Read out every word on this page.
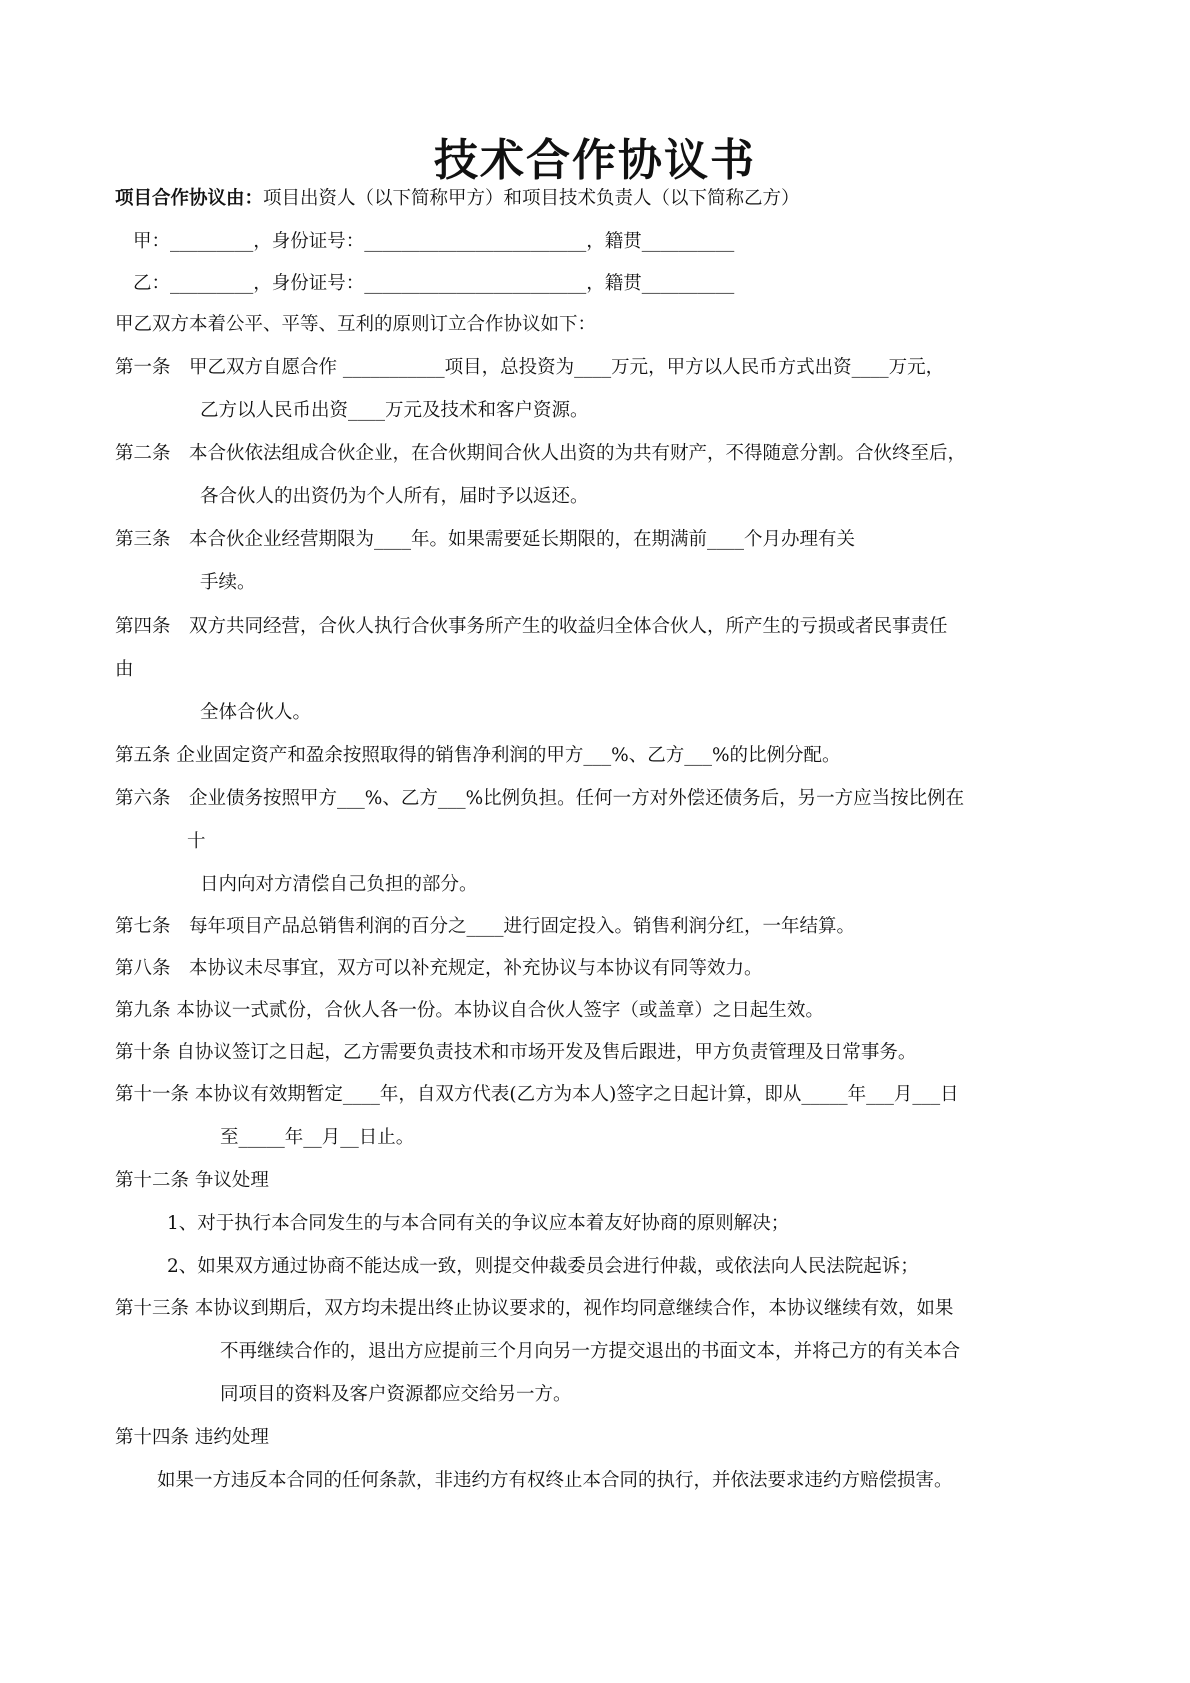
技术合作协议书
项目合作协议由：项目出资人（以下简称甲方）和项目技术负责人（以下简称乙方）
甲：_________，身份证号：________________________，籍贯__________
乙：_________，身份证号：________________________，籍贯__________
甲乙双方本着公平、平等、互利的原则订立合作协议如下：
第一条　甲乙双方自愿合作 ___________项目，总投资为____万元，甲方以人民币方式出资____万元，
乙方以人民币出资____万元及技术和客户资源。
第二条　本合伙依法组成合伙企业，在合伙期间合伙人出资的为共有财产，不得随意分割。合伙终至后，
各合伙人的出资仍为个人所有，届时予以返还。
第三条　本合伙企业经营期限为____年。如果需要延长期限的，在期满前____个月办理有关
手续。
第四条　双方共同经营，合伙人执行合伙事务所产生的收益归全体合伙人，所产生的亏损或者民事责任
由
全体合伙人。
第五条 企业固定资产和盈余按照取得的销售净利润的甲方___%、乙方___%的比例分配。
第六条　企业债务按照甲方___%、乙方___%比例负担。任何一方对外偿还债务后，另一方应当按比例在
十
日内向对方清偿自己负担的部分。
第七条　每年项目产品总销售利润的百分之____进行固定投入。销售利润分红，一年结算。
第八条　本协议未尽事宜，双方可以补充规定，补充协议与本协议有同等效力。
第九条 本协议一式贰份，合伙人各一份。本协议自合伙人签字（或盖章）之日起生效。
第十条 自协议签订之日起，乙方需要负责技术和市场开发及售后跟进，甲方负责管理及日常事务。
第十一条 本协议有效期暂定____年，自双方代表(乙方为本人)签字之日起计算，即从_____年___月___日
至_____年__月__日止。
第十二条 争议处理
1、对于执行本合同发生的与本合同有关的争议应本着友好协商的原则解决；
2、如果双方通过协商不能达成一致，则提交仲裁委员会进行仲裁，或依法向人民法院起诉；
第十三条 本协议到期后，双方均未提出终止协议要求的，视作均同意继续合作，本协议继续有效，如果
不再继续合作的，退出方应提前三个月向另一方提交退出的书面文本，并将己方的有关本合
同项目的资料及客户资源都应交给另一方。
第十四条 违约处理
如果一方违反本合同的任何条款，非违约方有权终止本合同的执行，并依法要求违约方赔偿损害。
